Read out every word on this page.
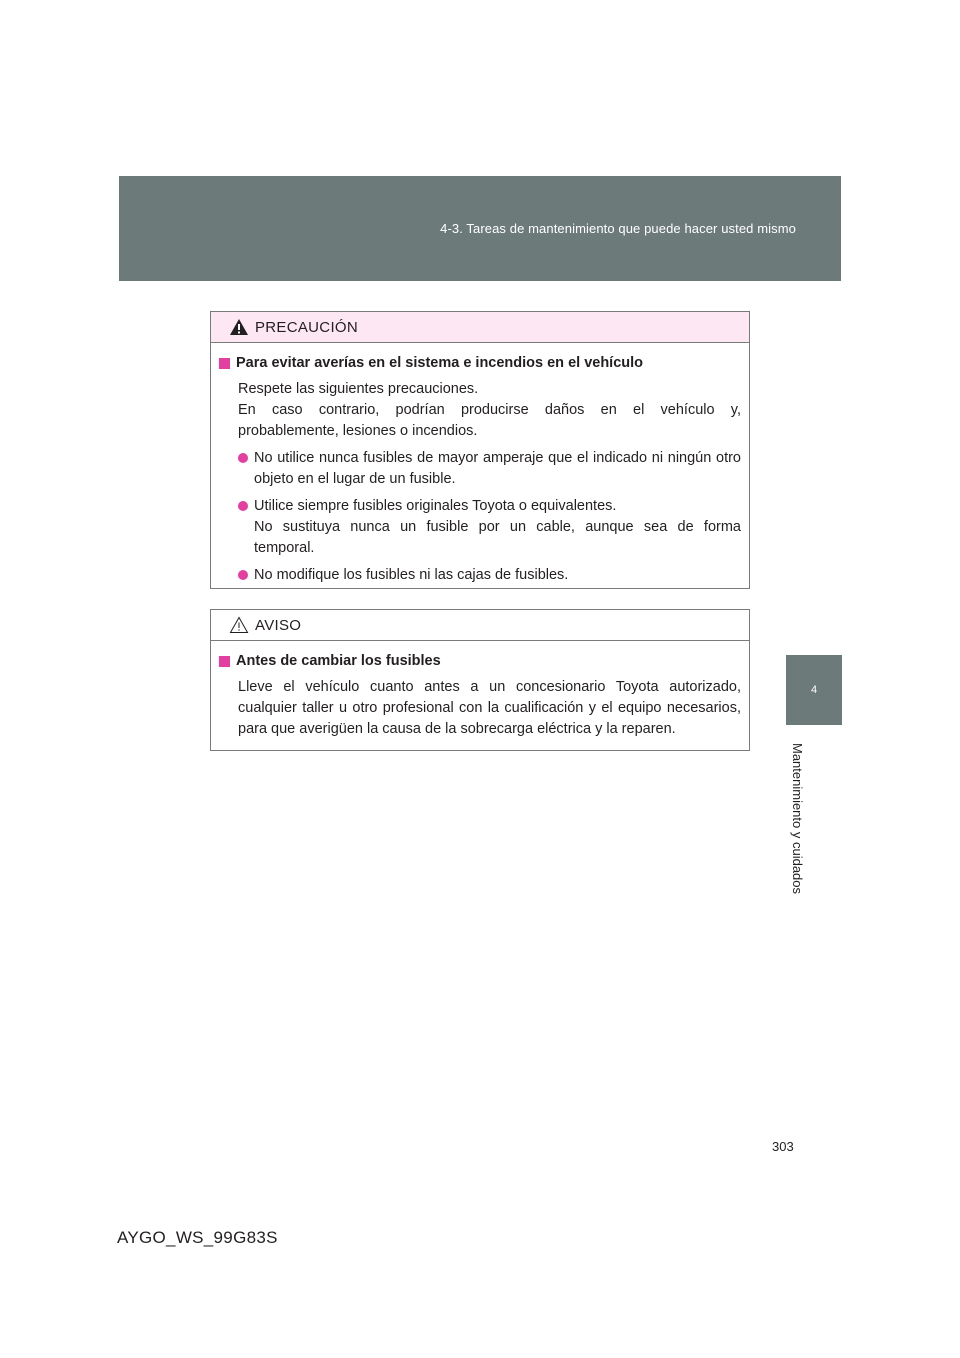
4-3. Tareas de mantenimiento que puede hacer usted mismo
4
Mantenimiento y cuidados
PRECAUCIÓN
Para evitar averías en el sistema e incendios en el vehículo
Respete las siguientes precauciones.
En caso contrario, podrían producirse daños en el vehículo y,
probablemente, lesiones o incendios.
No utilice nunca fusibles de mayor amperaje que el indicado ni ningún otro
objeto en el lugar de un fusible.
Utilice siempre fusibles originales Toyota o equivalentes.
No sustituya nunca un fusible por un cable, aunque sea de forma
temporal.
No modifique los fusibles ni las cajas de fusibles.
AVISO
Antes de cambiar los fusibles
Lleve el vehículo cuanto antes a un concesionario Toyota autorizado,
cualquier taller u otro profesional con la cualificación y el equipo necesarios,
para que averigüen la causa de la sobrecarga eléctrica y la reparen.
303
AYGO_WS_99G83S
